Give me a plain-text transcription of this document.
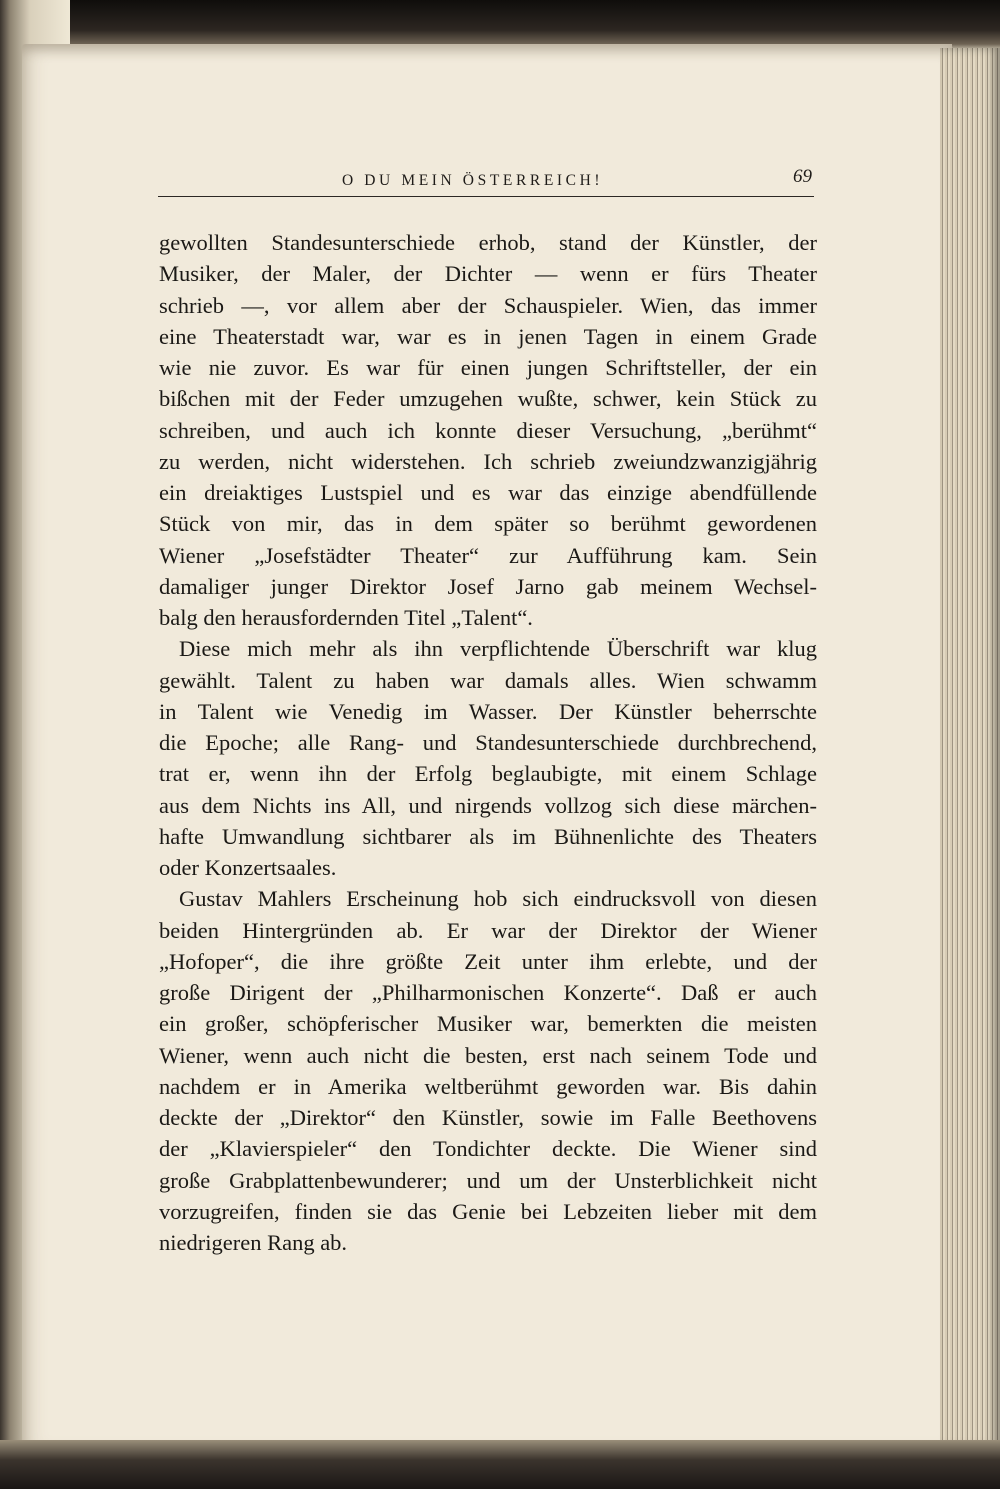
O DU MEIN ÖSTERREICH!	69
gewollten Standesunterschiede erhob, stand der Künstler, der
Musiker, der Maler, der Dichter — wenn er fürs Theater
schrieb —, vor allem aber der Schauspieler. Wien, das immer
eine Theaterstadt war, war es in jenen Tagen in einem Grade
wie nie zuvor. Es war für einen jungen Schriftsteller, der ein
bißchen mit der Feder umzugehen wußte, schwer, kein Stück zu
schreiben, und auch ich konnte dieser Versuchung, „berühmt“
zu werden, nicht widerstehen. Ich schrieb zweiundzwanzigjährig
ein dreiaktiges Lustspiel und es war das einzige abendfüllende
Stück von mir, das in dem später so berühmt gewordenen
Wiener „Josefstädter Theater“ zur Aufführung kam. Sein
damaliger junger Direktor Josef Jarno gab meinem Wechsel-
balg den herausfordernden Titel „Talent“.
Diese mich mehr als ihn verpflichtende Überschrift war klug
gewählt. Talent zu haben war damals alles. Wien schwamm
in Talent wie Venedig im Wasser. Der Künstler beherrschte
die Epoche; alle Rang- und Standesunterschiede durchbrechend,
trat er, wenn ihn der Erfolg beglaubigte, mit einem Schlage
aus dem Nichts ins All, und nirgends vollzog sich diese märchen-
hafte Umwandlung sichtbarer als im Bühnenlichte des Theaters
oder Konzertsaales.
Gustav Mahlers Erscheinung hob sich eindrucksvoll von diesen
beiden Hintergründen ab. Er war der Direktor der Wiener
„Hofoper“, die ihre größte Zeit unter ihm erlebte, und der
große Dirigent der „Philharmonischen Konzerte“. Daß er auch
ein großer, schöpferischer Musiker war, bemerkten die meisten
Wiener, wenn auch nicht die besten, erst nach seinem Tode und
nachdem er in Amerika weltberühmt geworden war. Bis dahin
deckte der „Direktor“ den Künstler, sowie im Falle Beethovens
der „Klavierspieler“ den Tondichter deckte. Die Wiener sind
große Grabplattenbewunderer; und um der Unsterblichkeit nicht
vorzugreifen, finden sie das Genie bei Lebzeiten lieber mit dem
niedrigeren Rang ab.
